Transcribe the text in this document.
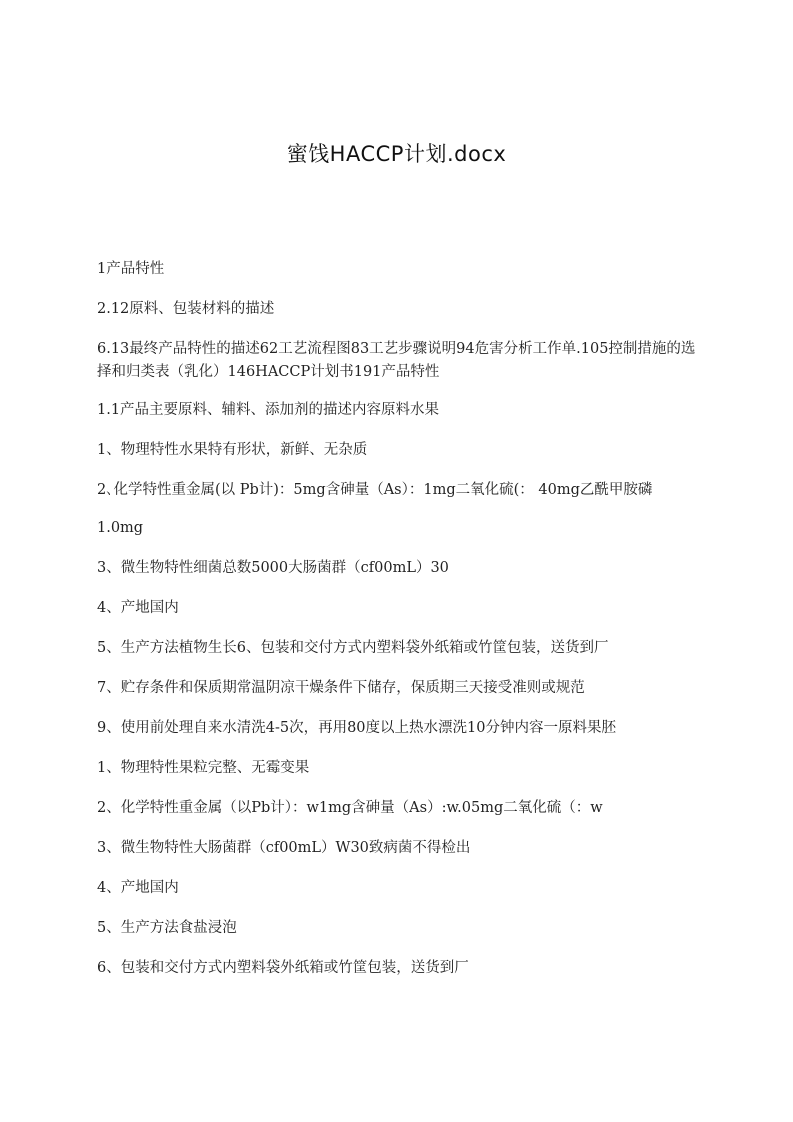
蜜饯HACCP计划.docx

1产品特性

2.12原料、包装材料的描述

6.13最终产品特性的描述62工艺流程图83工艺步骤说明94危害分析工作单.105控制措施的选择和归类表（乳化）146HACCP计划书191产品特性

1.1产品主要原料、辅料、添加剂的描述内容原料水果

1、物理特性水果特有形状，新鲜、无杂质

2､化学特性重金属(以 Pb计)：5mg含砷量（As）：1mg二氧化硫(： 40mg乙酰甲胺磷

1.0mg

3、微生物特性细菌总数5000大肠菌群（cf00mL）30

4、产地国内

5、生产方法植物生长6、包装和交付方式内塑料袋外纸箱或竹筐包装，送货到厂

7、贮存条件和保质期常温阴凉干燥条件下储存，保质期三天接受准则或规范

9、使用前处理自来水清洗4-5次，再用80度以上热水漂洗10分钟内容一原料果胚

1、物理特性果粒完整、无霉变果

2、化学特性重金属（以Pb计）：w1mg含砷量（As）:w.05mg二氧化硫（：w

3、微生物特性大肠菌群（cf00mL）W30致病菌不得检出

4、产地国内

5、生产方法食盐浸泡

6、包装和交付方式内塑料袋外纸箱或竹筐包装，送货到厂
